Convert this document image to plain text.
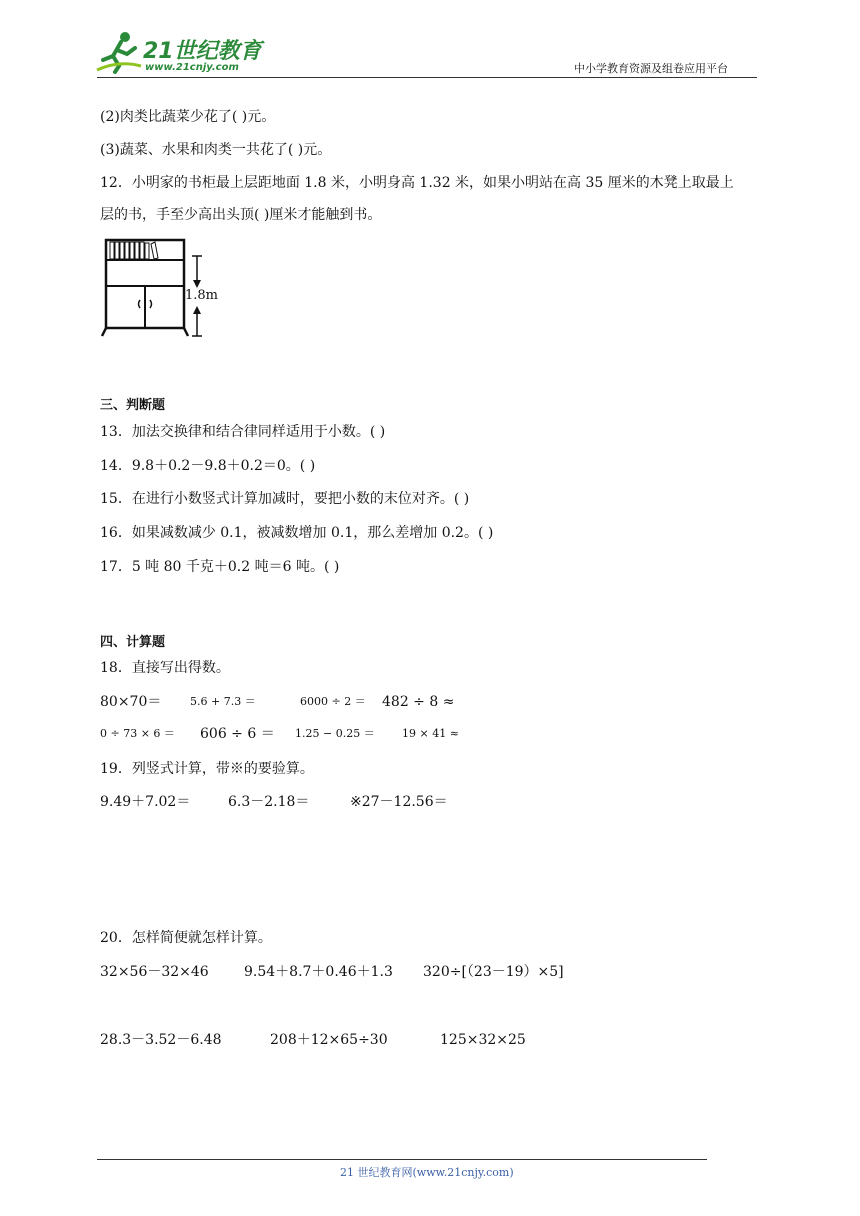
21世纪教育
www.21cnjy.com	中小学教育资源及组卷应用平台
(2)肉类比蔬菜少花了( )元。
(3)蔬菜、水果和肉类一共花了( )元。
12．小明家的书柜最上层距地面 1.8 米，小明身高 1.32 米，如果小明站在高 35 厘米的木凳上取最上
层的书，手至少高出头顶( )厘米才能触到书。
1.8m
三、判断题
13．加法交换律和结合律同样适用于小数。( )
14．9.8＋0.2－9.8＋0.2＝0。( )
15．在进行小数竖式计算加减时，要把小数的末位对齐。( )
16．如果减数减少 0.1，被减数增加 0.1，那么差增加 0.2。( )
17．5 吨 80 千克＋0.2 吨＝6 吨。( )
四、计算题
18．直接写出得数。
80×70＝	5.6 + 7.3 ＝	6000 ÷ 2 ＝ 482 ÷ 8 ≈
0 ÷ 73 × 6 ＝ 606 ÷ 6 ＝ 1.25 − 0.25 ＝ 19 × 41 ≈
19．列竖式计算，带※的要验算。
9.49＋7.02＝	6.3－2.18＝	※27－12.56＝
20．怎样简便就怎样计算。
32×56－32×46	9.54＋8.7＋0.46＋1.3 320÷[（23－19）×5]
28.3－3.52－6.48	208＋12×65÷30	125×32×25
21 世纪教育网(www.21cnjy.com)
